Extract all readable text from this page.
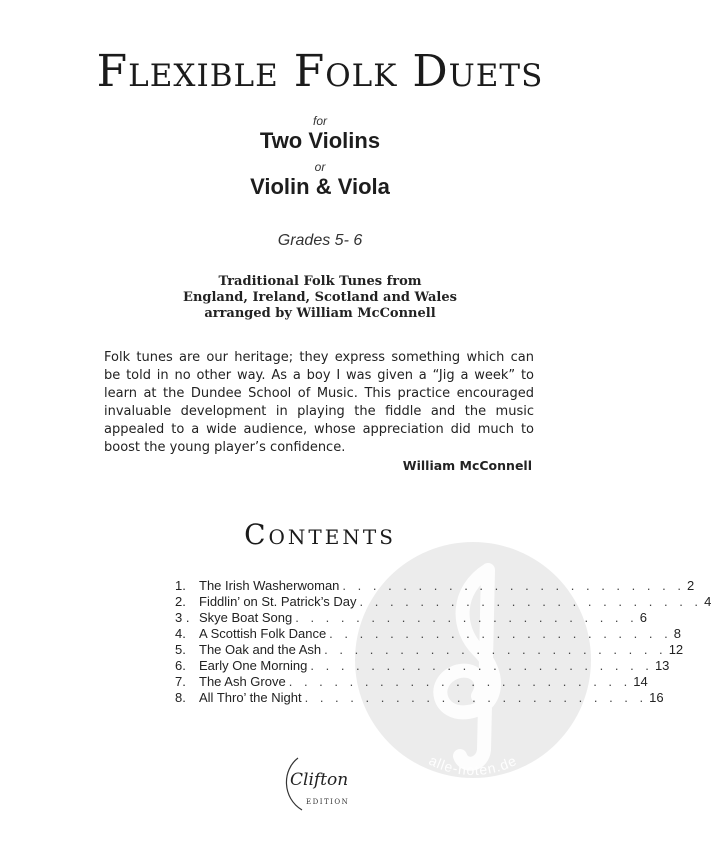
Flexible Folk Duets
for
Two Violins
or
Violin & Viola
Grades 5- 6
Traditional Folk Tunes from
England, Ireland, Scotland and Wales
arranged by William McConnell
Folk tunes are our heritage; they express something which can be told in no other way. As a boy I was given a “Jig a week” to learn at the Dundee School of Music. This practice encouraged invaluable development in playing the fiddle and the music appealed to a wide audience, whose appreciation did much to boost the young player’s confidence.
William McConnell
alle-noten.de
Contents
1.	The Irish Washerwoman . . . . . . . . . . . . . . . . . . . . . . . 2
2.	Fiddlin’ on St. Patrick’s Day . . . . . . . . . . . . . . . . . . . . . . . 4
3 . Skye Boat Song . . . . . . . . . . . . . . . . . . . . . . . 6
4.	A Scottish Folk Dance . . . . . . . . . . . . . . . . . . . . . . . 8
5.	The Oak and the Ash . . . . . . . . . . . . . . . . . . . . . . . 12
6.	Early One Morning . . . . . . . . . . . . . . . . . . . . . . . 13
7.	The Ash Grove . . . . . . . . . . . . . . . . . . . . . . . 14
8.	All Thro’ the Night . . . . . . . . . . . . . . . . . . . . . . . 16
Clifton
EDITION
